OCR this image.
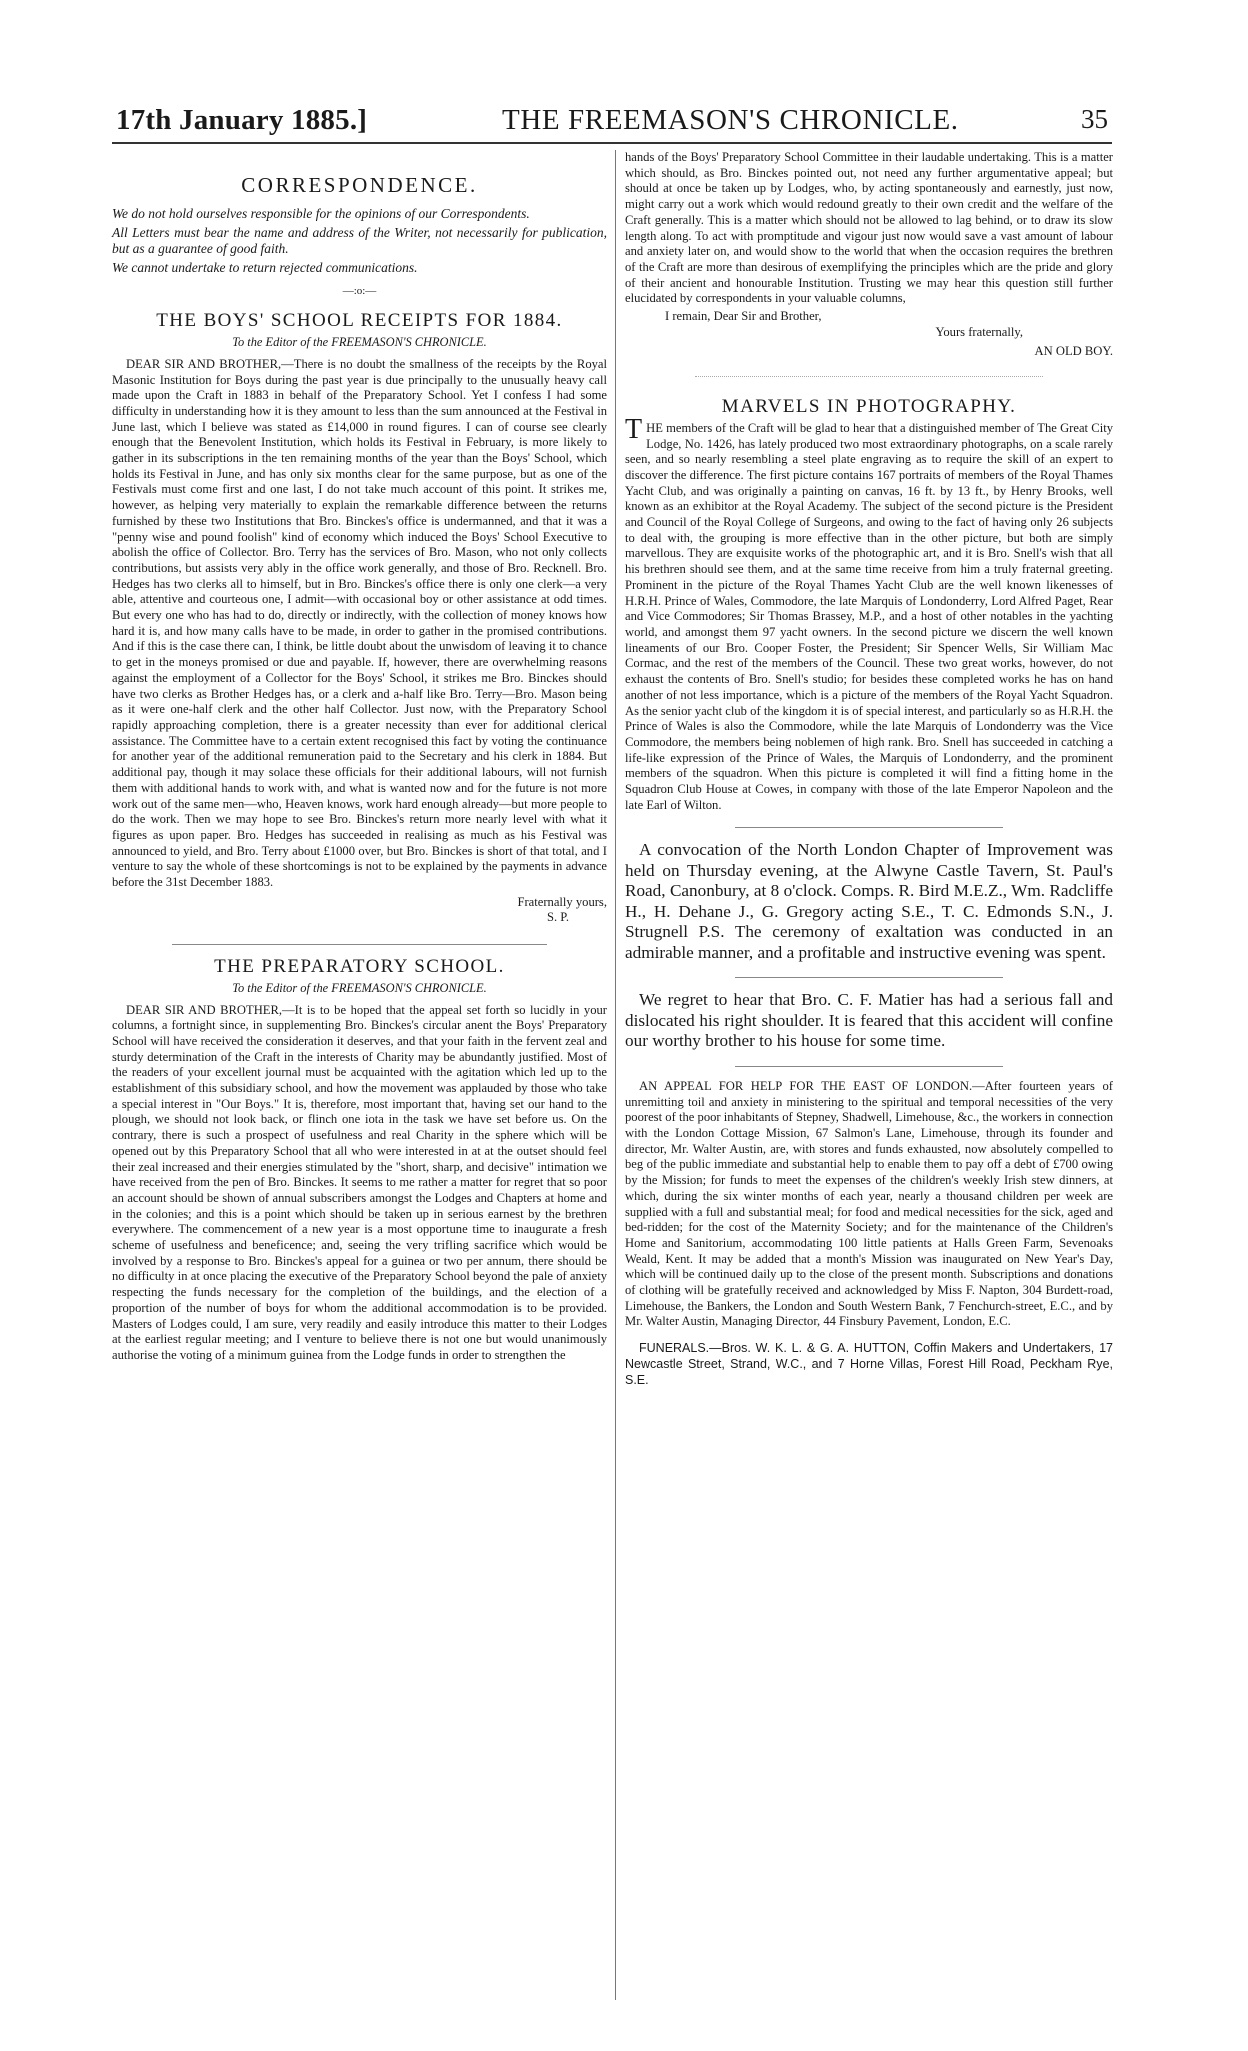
17th January 1885.]	THE FREEMASON'S CHRONICLE.	35
CORRESPONDENCE.

We do not hold ourselves responsible for the opinions of our Correspondents.

All Letters must bear the name and address of the Writer, not necessarily for publication, but as a guarantee of good faith.

We cannot undertake to return rejected communications.

—:o:—
THE BOYS' SCHOOL RECEIPTS FOR 1884.
To the Editor of the FREEMASON'S CHRONICLE.

DEAR SIR AND BROTHER,—There is no doubt the smallness of the receipts by the Royal Masonic Institution for Boys during the past year is due principally to the unusually heavy call made upon the Craft in 1883 in behalf of the Preparatory School. Yet I confess I had some difficulty in understanding how it is they amount to less than the sum announced at the Festival in June last, which I believe was stated as £14,000 in round figures. I can of course see clearly enough that the Benevolent Institution, which holds its Festival in February, is more likely to gather in its subscriptions in the ten remaining months of the year than the Boys' School, which holds its Festival in June, and has only six months clear for the same purpose, but as one of the Festivals must come first and one last, I do not take much account of this point. It strikes me, however, as helping very materially to explain the remarkable difference between the returns furnished by these two Institutions that Bro. Binckes's office is undermanned, and that it was a "penny wise and pound foolish" kind of economy which induced the Boys' School Executive to abolish the office of Collector. Bro. Terry has the services of Bro. Mason, who not only collects contributions, but assists very ably in the office work generally, and those of Bro. Recknell. Bro. Hedges has two clerks all to himself, but in Bro. Binckes's office there is only one clerk—a very able, attentive and courteous one, I admit—with occasional boy or other assistance at odd times. But every one who has had to do, directly or indirectly, with the collection of money knows how hard it is, and how many calls have to be made, in order to gather in the promised contributions. And if this is the case there can, I think, be little doubt about the unwisdom of leaving it to chance to get in the moneys promised or due and payable. If, however, there are overwhelming reasons against the employment of a Collector for the Boys' School, it strikes me Bro. Binckes should have two clerks as Brother Hedges has, or a clerk and a-half like Bro. Terry—Bro. Mason being as it were one-half clerk and the other half Collector. Just now, with the Preparatory School rapidly approaching completion, there is a greater necessity than ever for additional clerical assistance. The Committee have to a certain extent recognised this fact by voting the continuance for another year of the additional remuneration paid to the Secretary and his clerk in 1884. But additional pay, though it may solace these officials for their additional labours, will not furnish them with additional hands to work with, and what is wanted now and for the future is not more work out of the same men—who, Heaven knows, work hard enough already—but more people to do the work. Then we may hope to see Bro. Binckes's return more nearly level with what it figures as upon paper. Bro. Hedges has succeeded in realising as much as his Festival was announced to yield, and Bro. Terry about £1000 over, but Bro. Binckes is short of that total, and I venture to say the whole of these shortcomings is not to be explained by the payments in advance before the 31st December 1883.

Fraternally yours,

S. P.

THE PREPARATORY SCHOOL.
To the Editor of the FREEMASON'S CHRONICLE.

DEAR SIR AND BROTHER,—It is to be hoped that the appeal set forth so lucidly in your columns, a fortnight since, in supplementing Bro. Binckes's circular anent the Boys' Preparatory School will have received the consideration it deserves, and that your faith in the fervent zeal and sturdy determination of the Craft in the interests of Charity may be abundantly justified. Most of the readers of your excellent journal must be acquainted with the agitation which led up to the establishment of this subsidiary school, and how the movement was applauded by those who take a special interest in "Our Boys." It is, therefore, most important that, having set our hand to the plough, we should not look back, or flinch one iota in the task we have set before us. On the contrary, there is such a prospect of usefulness and real Charity in the sphere which will be opened out by this Preparatory School that all who were interested in at at the outset should feel their zeal increased and their energies stimulated by the "short, sharp, and decisive" intimation we have received from the pen of Bro. Binckes. It seems to me rather a matter for regret that so poor an account should be shown of annual subscribers amongst the Lodges and Chapters at home and in the colonies; and this is a point which should be taken up in serious earnest by the brethren everywhere. The commencement of a new year is a most opportune time to inaugurate a fresh scheme of usefulness and beneficence; and, seeing the very trifling sacrifice which would be involved by a response to Bro. Binckes's appeal for a guinea or two per annum, there should be no difficulty in at once placing the executive of the Preparatory School beyond the pale of anxiety respecting the funds necessary for the completion of the buildings, and the election of a proportion of the number of boys for whom the additional accommodation is to be provided. Masters of Lodges could, I am sure, very readily and easily introduce this matter to their Lodges at the earliest regular meeting; and I venture to believe there is not one but would unanimously authorise the voting of a minimum guinea from the Lodge funds in order to strengthen the

hands of the Boys' Preparatory School Committee in their laudable undertaking. This is a matter which should, as Bro. Binckes pointed out, not need any further argumentative appeal; but should at once be taken up by Lodges, who, by acting spontaneously and earnestly, just now, might carry out a work which would redound greatly to their own credit and the welfare of the Craft generally. This is a matter which should not be allowed to lag behind, or to draw its slow length along. To act with promptitude and vigour just now would save a vast amount of labour and anxiety later on, and would show to the world that when the occasion requires the brethren of the Craft are more than desirous of exemplifying the principles which are the pride and glory of their ancient and honourable Institution. Trusting we may hear this question still further elucidated by correspondents in your valuable columns,

I remain, Dear Sir and Brother,

Yours fraternally,

AN OLD BOY.

MARVELS IN PHOTOGRAPHY.

THE members of the Craft will be glad to hear that a distinguished member of The Great City Lodge, No. 1426, has lately produced two most extraordinary photographs, on a scale rarely seen, and so nearly resembling a steel plate engraving as to require the skill of an expert to discover the difference. The first picture contains 167 portraits of members of the Royal Thames Yacht Club, and was originally a painting on canvas, 16 ft. by 13 ft., by Henry Brooks, well known as an exhibitor at the Royal Academy. The subject of the second picture is the President and Council of the Royal College of Surgeons, and owing to the fact of having only 26 subjects to deal with, the grouping is more effective than in the other picture, but both are simply marvellous. They are exquisite works of the photographic art, and it is Bro. Snell's wish that all his brethren should see them, and at the same time receive from him a truly fraternal greeting. Prominent in the picture of the Royal Thames Yacht Club are the well known likenesses of H.R.H. Prince of Wales, Commodore, the late Marquis of Londonderry, Lord Alfred Paget, Rear and Vice Commodores; Sir Thomas Brassey, M.P., and a host of other notables in the yachting world, and amongst them 97 yacht owners. In the second picture we discern the well known lineaments of our Bro. Cooper Foster, the President; Sir Spencer Wells, Sir William Mac Cormac, and the rest of the members of the Council. These two great works, however, do not exhaust the contents of Bro. Snell's studio; for besides these completed works he has on hand another of not less importance, which is a picture of the members of the Royal Yacht Squadron. As the senior yacht club of the kingdom it is of special interest, and particularly so as H.R.H. the Prince of Wales is also the Commodore, while the late Marquis of Londonderry was the Vice Commodore, the members being noblemen of high rank. Bro. Snell has succeeded in catching a life-like expression of the Prince of Wales, the Marquis of Londonderry, and the prominent members of the squadron. When this picture is completed it will find a fitting home in the Squadron Club House at Cowes, in company with those of the late Emperor Napoleon and the late Earl of Wilton.

A convocation of the North London Chapter of Improvement was held on Thursday evening, at the Alwyne Castle Tavern, St. Paul's Road, Canonbury, at 8 o'clock. Comps. R. Bird M.E.Z., Wm. Radcliffe H., H. Dehane J., G. Gregory acting S.E., T. C. Edmonds S.N., J. Strugnell P.S. The ceremony of exaltation was conducted in an admirable manner, and a profitable and instructive evening was spent.

We regret to hear that Bro. C. F. Matier has had a serious fall and dislocated his right shoulder. It is feared that this accident will confine our worthy brother to his house for some time.

AN APPEAL FOR HELP FOR THE EAST OF LONDON.—After fourteen years of unremitting toil and anxiety in ministering to the spiritual and temporal necessities of the very poorest of the poor inhabitants of Stepney, Shadwell, Limehouse, &c., the workers in connection with the London Cottage Mission, 67 Salmon's Lane, Limehouse, through its founder and director, Mr. Walter Austin, are, with stores and funds exhausted, now absolutely compelled to beg of the public immediate and substantial help to enable them to pay off a debt of £700 owing by the Mission; for funds to meet the expenses of the children's weekly Irish stew dinners, at which, during the six winter months of each year, nearly a thousand children per week are supplied with a full and substantial meal; for food and medical necessities for the sick, aged and bed-ridden; for the cost of the Maternity Society; and for the maintenance of the Children's Home and Sanitorium, accommodating 100 little patients at Halls Green Farm, Sevenoaks Weald, Kent. It may be added that a month's Mission was inaugurated on New Year's Day, which will be continued daily up to the close of the present month. Subscriptions and donations of clothing will be gratefully received and acknowledged by Miss F. Napton, 304 Burdett-road, Limehouse, the Bankers, the London and South Western Bank, 7 Fenchurch-street, E.C., and by Mr. Walter Austin, Managing Director, 44 Finsbury Pavement, London, E.C.

FUNERALS.—Bros. W. K. L. & G. A. HUTTON, Coffin Makers and Undertakers, 17 Newcastle Street, Strand, W.C., and 7 Horne Villas, Forest Hill Road, Peckham Rye, S.E.
